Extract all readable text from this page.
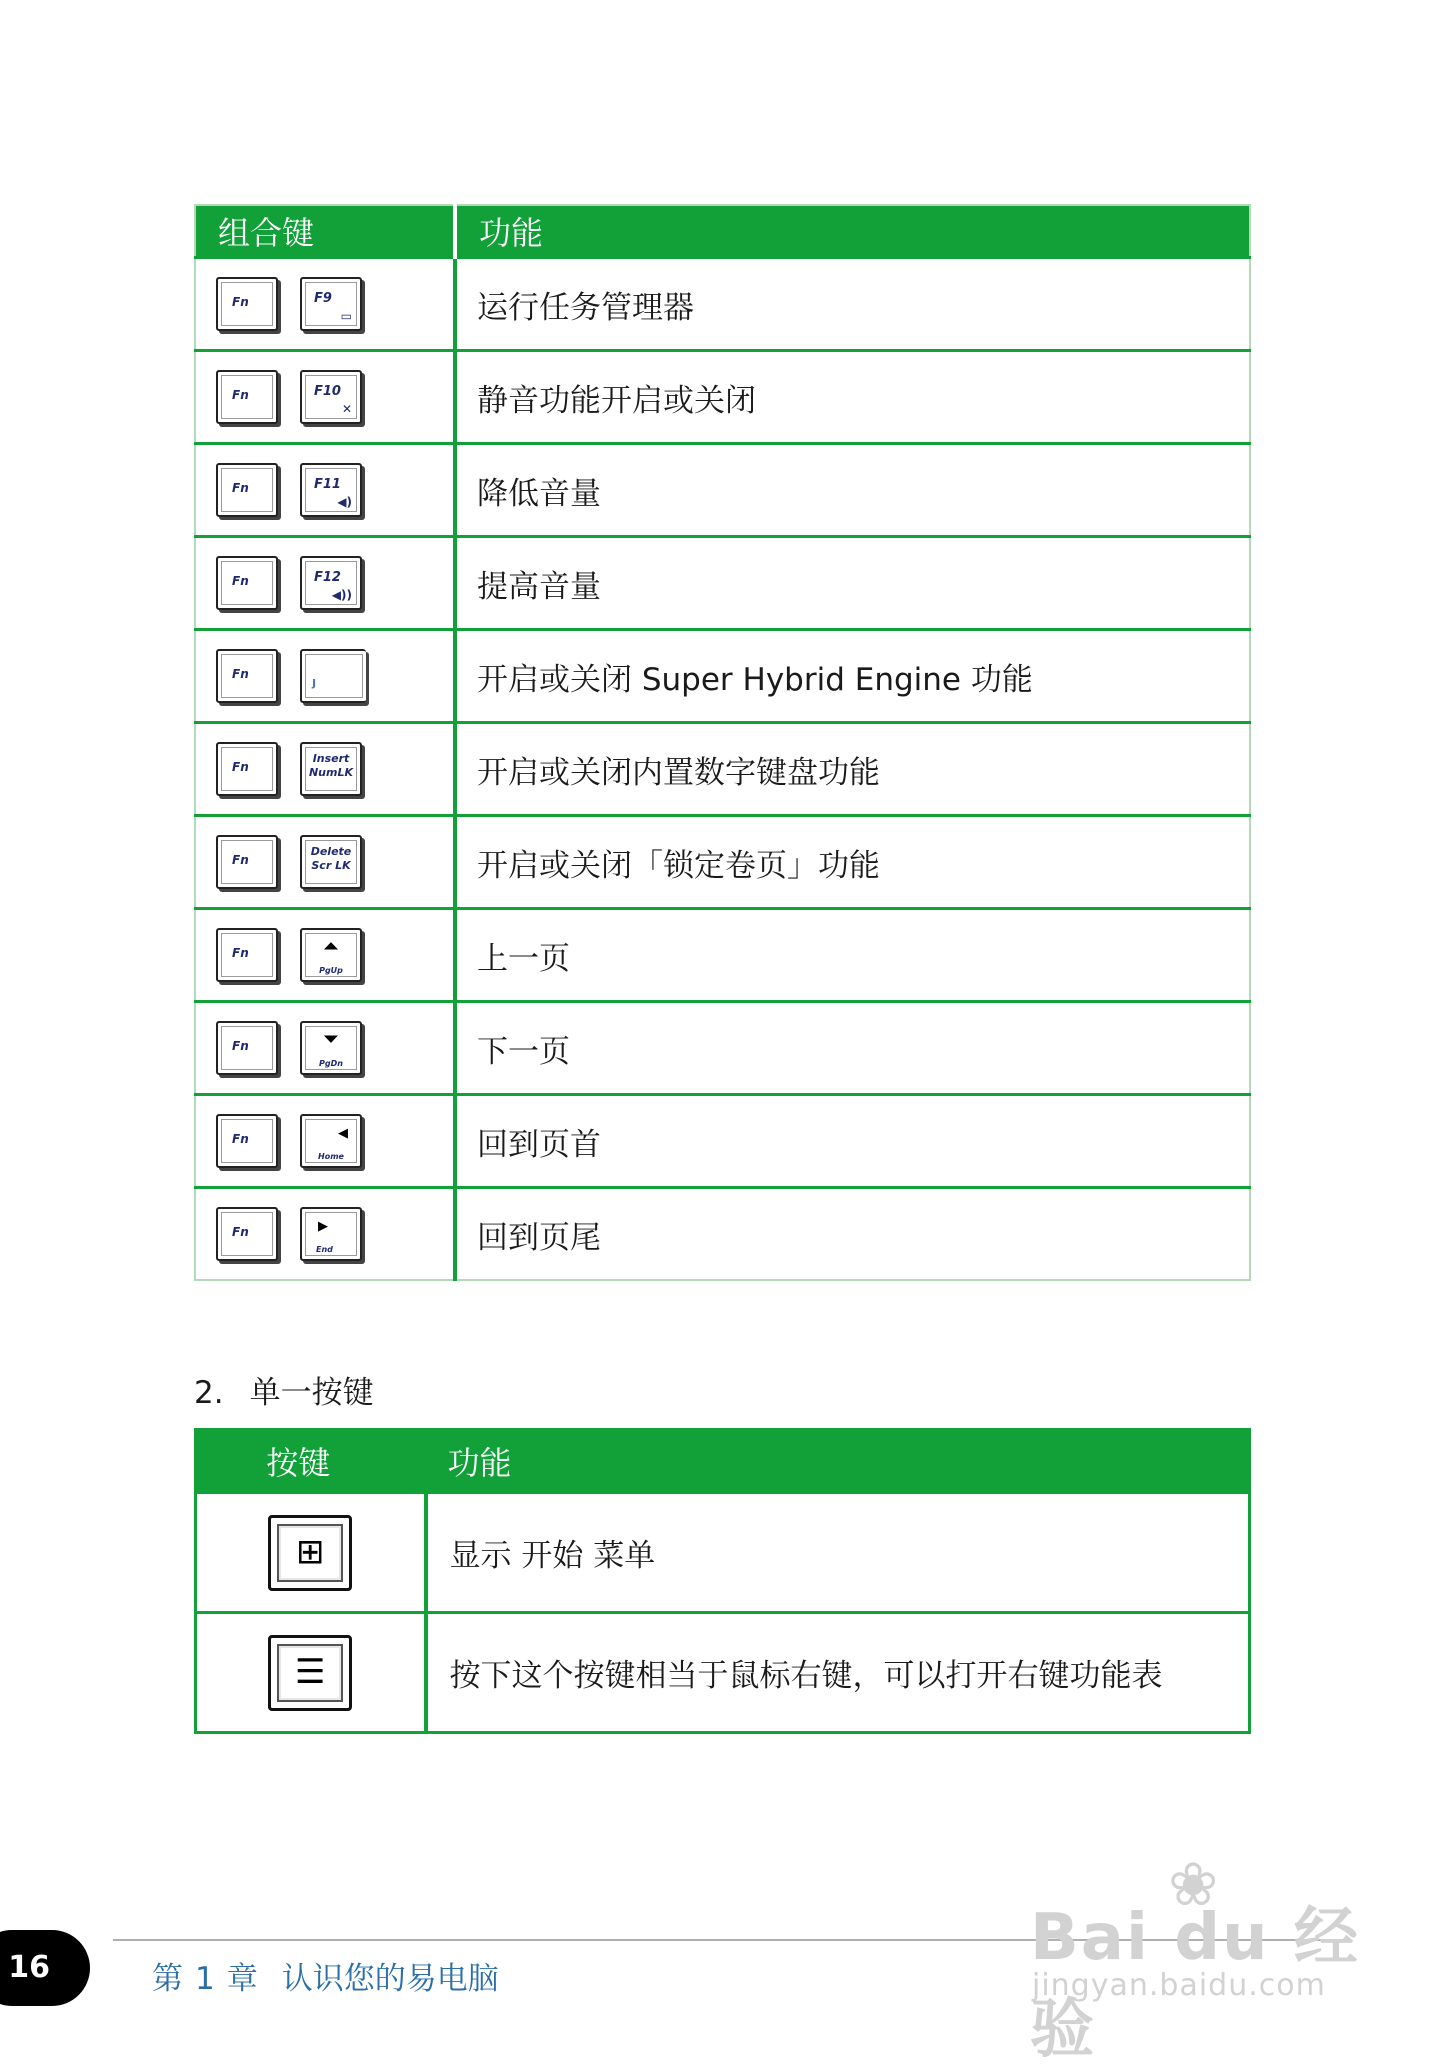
组合键	功能

Fn F9
▭	运行任务管理器

Fn F10
✕	静音功能开启或关闭

Fn F11
◀)	降低音量

Fn F12
◀))	提高音量

Fn
ȷ	开启或关闭 Super Hybrid Engine 功能

Fn
Insert
NumLK	开启或关闭内置数字键盘功能

Fn
Delete
Scr LK	开启或关闭「锁定卷页」功能

Fn ⏶
PgUp	上一页

Fn ⏷
PgDn	下一页

Fn ◀
Home	回到页首

Fn ▶
End	回到页尾
2. 单一按键
按键	功能

⊞	显示 开始 菜单

☰	按下这个按键相当于鼠标右键，可以打开右键功能表
16	第 1 章 认识您的易电脑
❀
Bai du 经验
jingyan.baidu.com
